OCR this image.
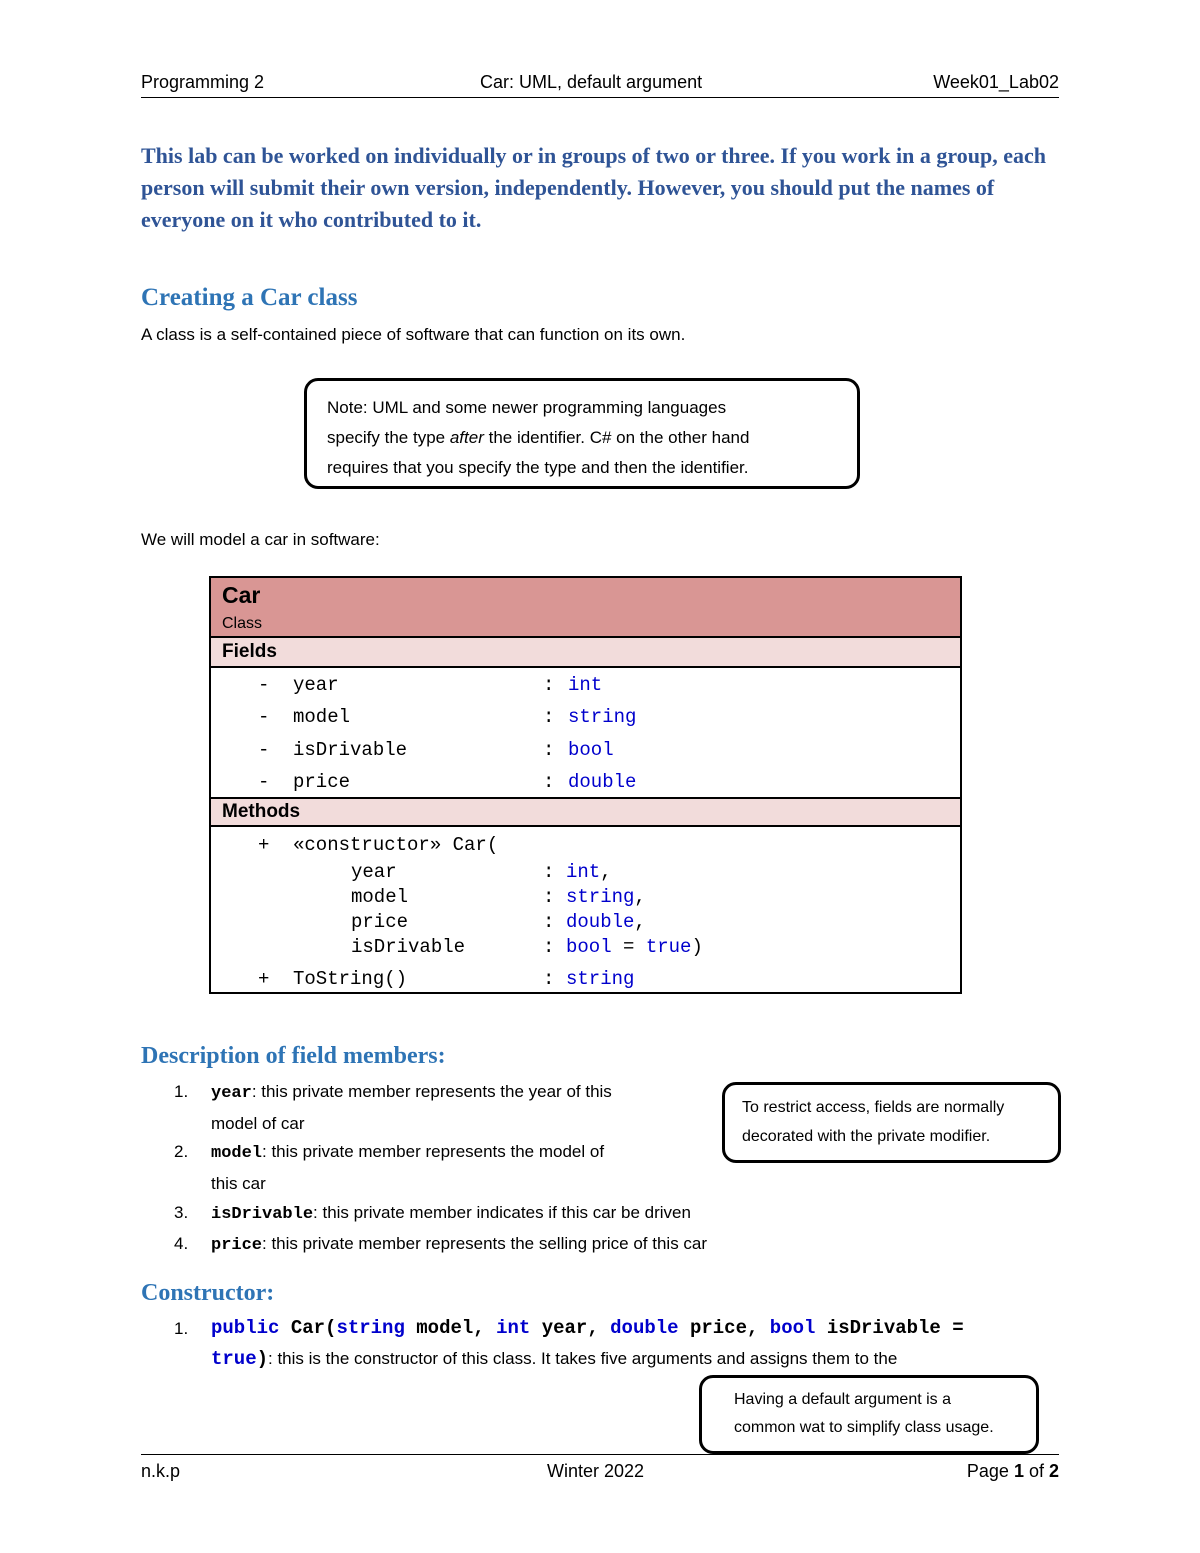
Programming 2	Car: UML, default argument	Week01_Lab02
This lab can be worked on individually or in groups of two or three. If you work in a group, each person will submit their own version, independently. However, you should put the names of everyone on it who contributed to it.
Creating a Car class
A class is a self-contained piece of software that can function on its own.
Note: UML and some newer programming languages
specify the type after the identifier. C# on the other hand
requires that you specify the type and then the identifier.
We will model a car in software:
Car
Class
Fields
- year	: int
- model	: string
- isDrivable	: bool
- price	: double
Methods
+ «constructor» Car(
year	: int,
model	: string,
price	: double,
isDrivable	: bool = true)
+ ToString()	: string
Description of field members:
1. year: this private member represents the year of this
model of car
2. model: this private member represents the model of
this car
3. isDrivable: this private member indicates if this car be driven
4. price: this private member represents the selling price of this car
To restrict access, fields are normally
decorated with the private modifier.
Constructor:
1. public Car(string model, int year, double price, bool isDrivable =
true): this is the constructor of this class. It takes five arguments and assigns them to the
Having a default argument is a
common wat to simplify class usage.
n.k.p	Winter 2022	Page 1 of 2
